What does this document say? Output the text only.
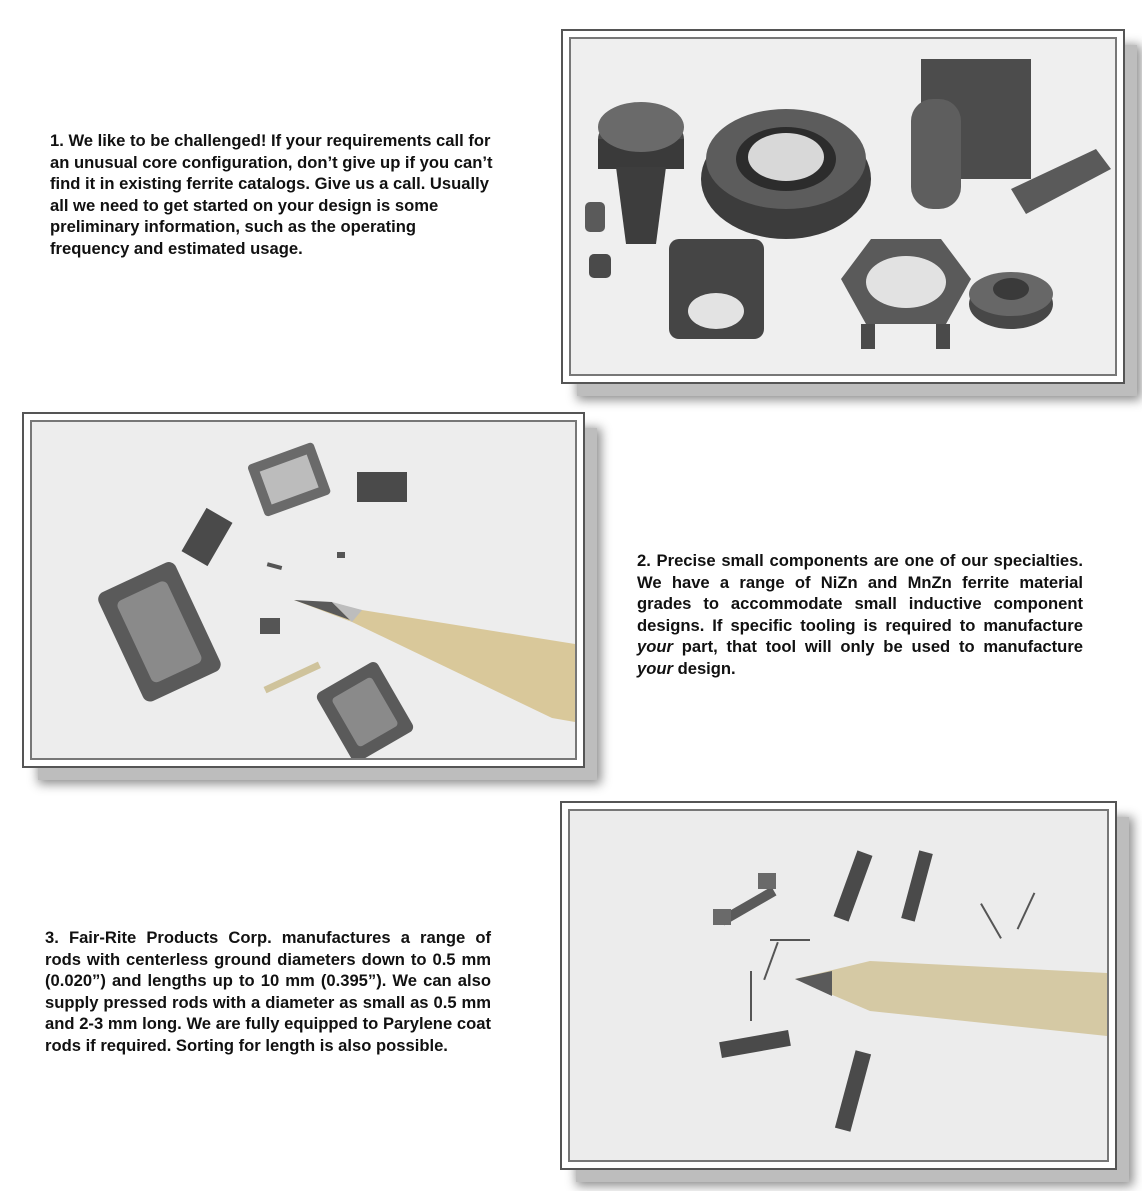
1. We like to be challenged! If your requirements call for an unusual core configuration, don’t give up if you can’t find it in existing ferrite catalogs. Give us a call. Usually all we need to get started on your design is some preliminary information, such as the operating frequency and estimated usage.
2. Precise small components are one of our specialties. We have a range of NiZn and MnZn ferrite material grades to accommodate small inductive component designs. If specific tooling is required to manufacture your part, that tool will only be used to manufacture your design.
3. Fair-Rite Products Corp. manufactures a range of rods with centerless ground diameters down to 0.5 mm (0.020”) and lengths up to 10 mm (0.395”). We can also supply pressed rods with a diameter as small as 0.5 mm and 2-3 mm long. We are fully equipped to Parylene coat rods if required. Sorting for length is also possible.
